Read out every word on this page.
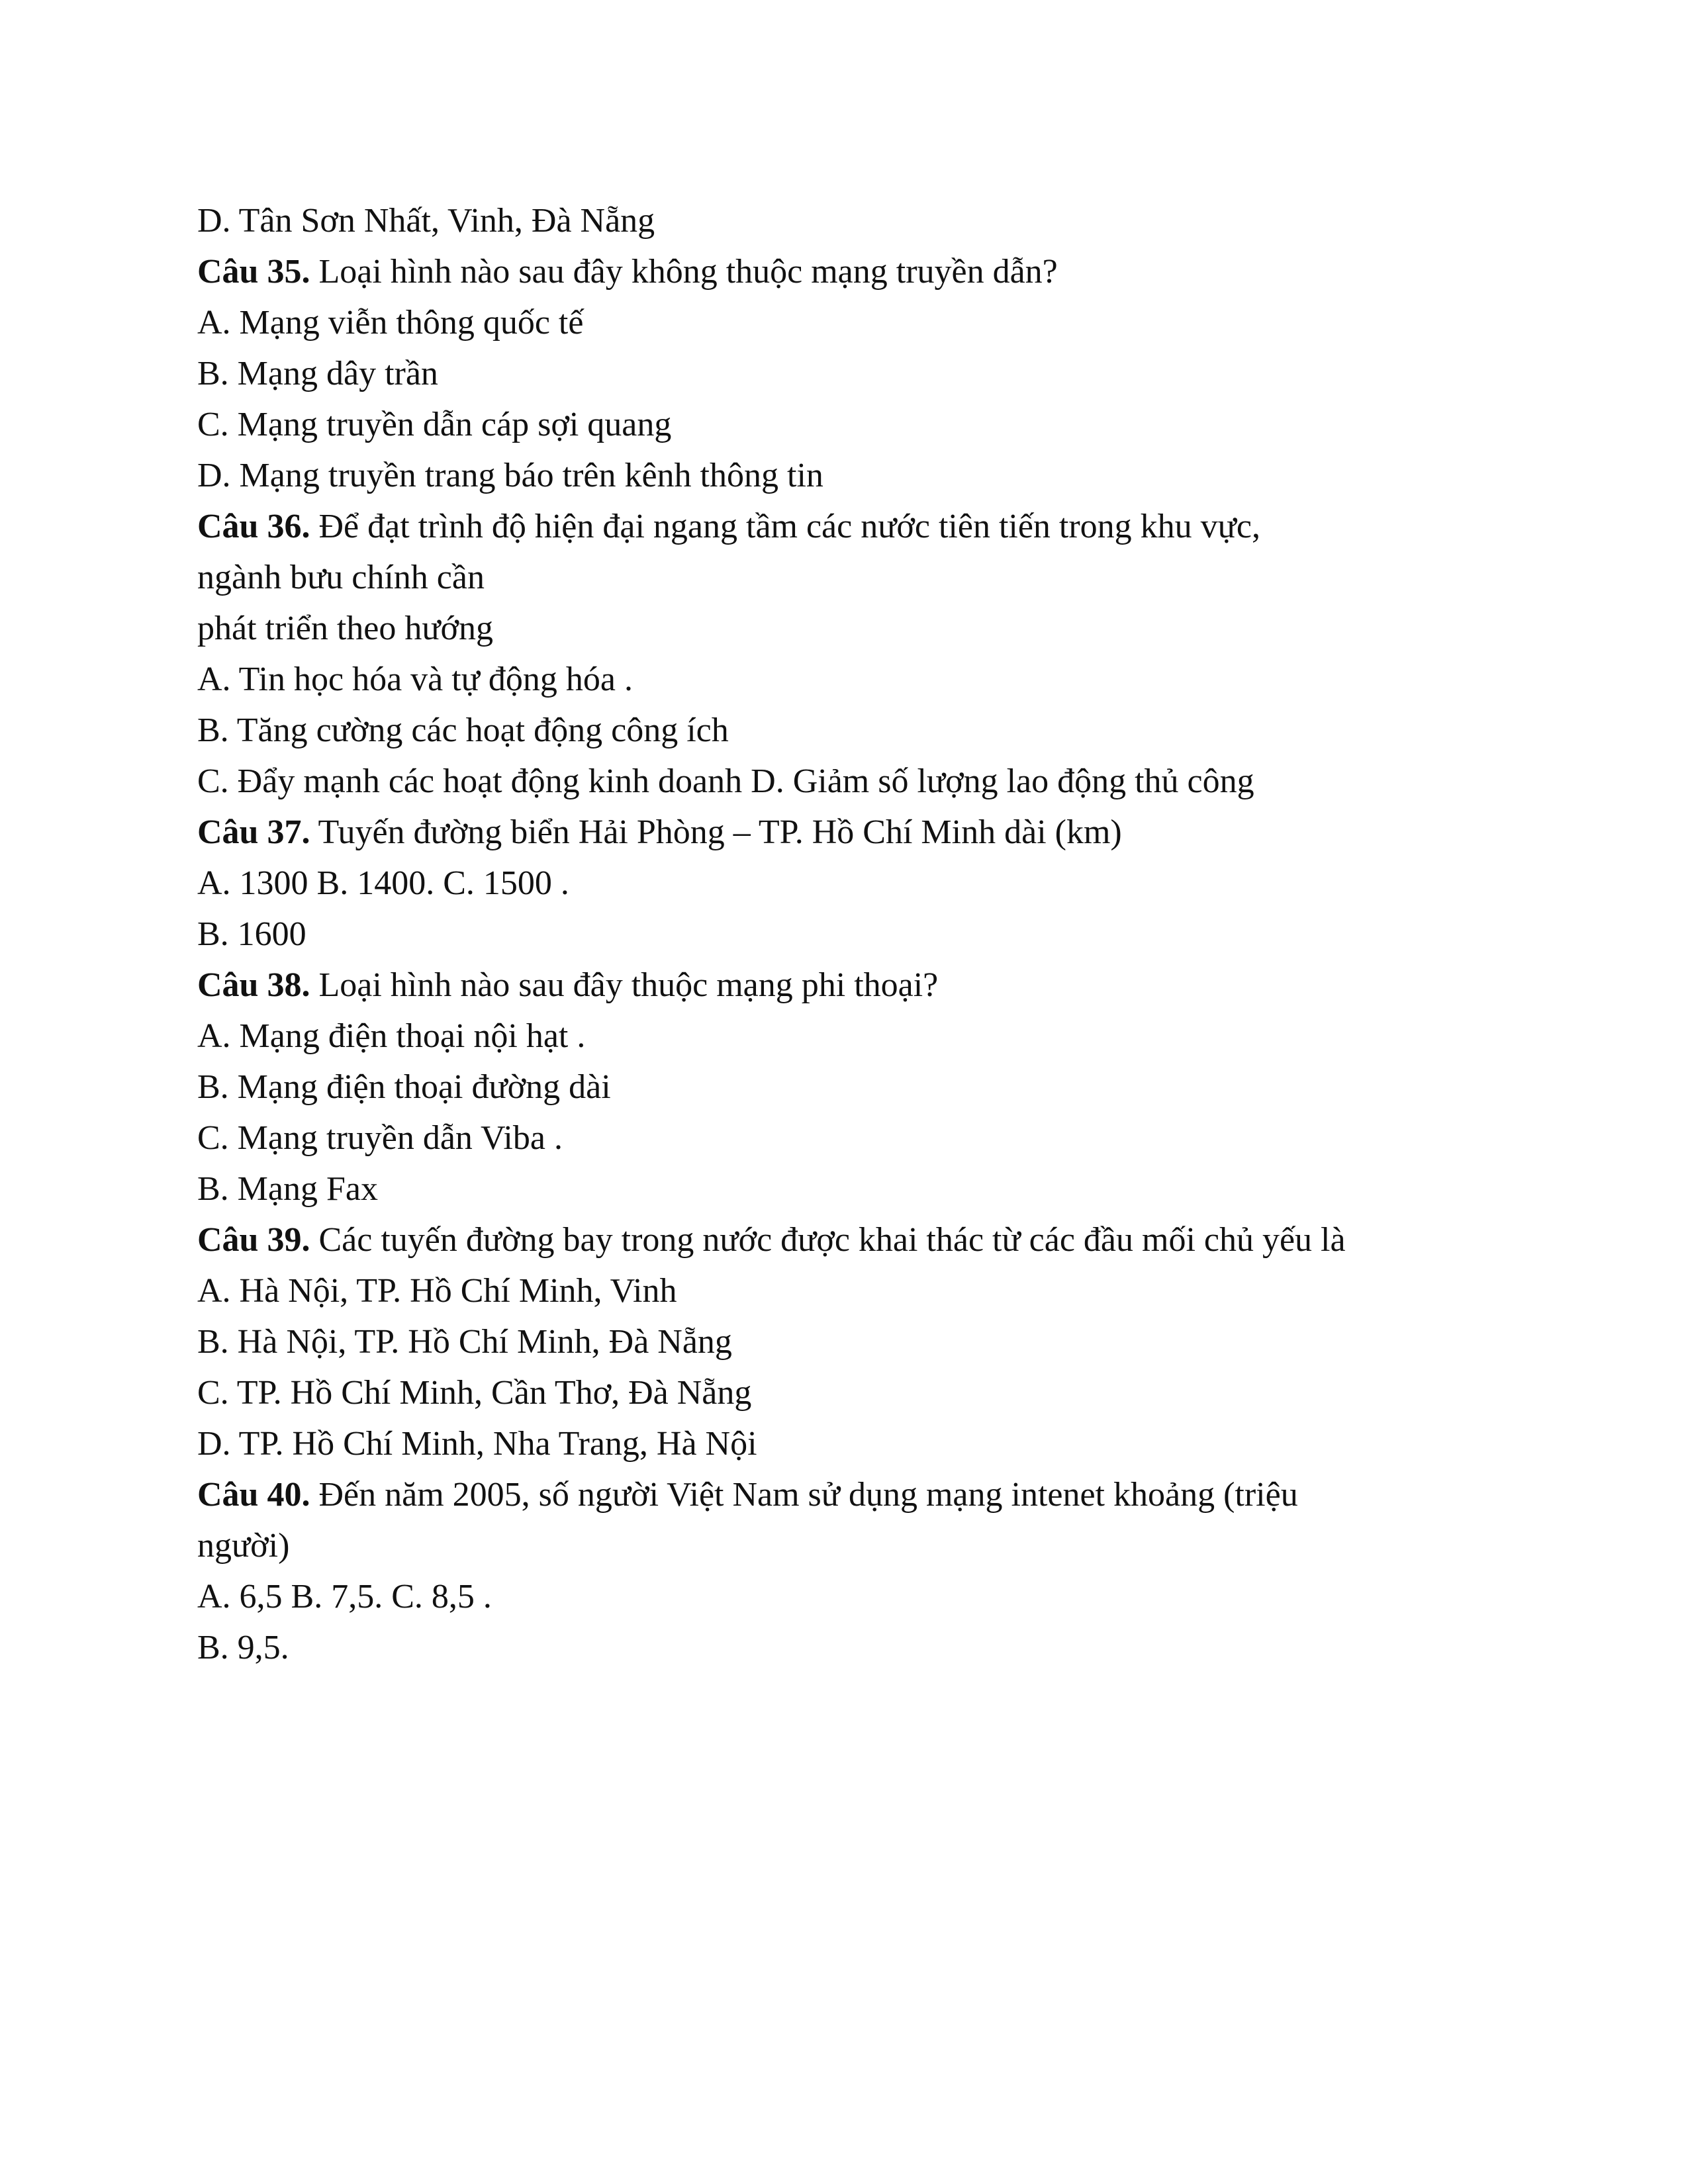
D. Tân Sơn Nhất, Vinh, Đà Nẵng
Câu 35. Loại hình nào sau đây không thuộc mạng truyền dẫn?
A. Mạng viễn thông quốc tế
B. Mạng dây trần
C. Mạng truyền dẫn cáp sợi quang
D. Mạng truyền trang báo trên kênh thông tin
Câu 36. Để đạt trình độ hiện đại ngang tầm các nước tiên tiến trong khu vực,
ngành bưu chính cần
phát triển theo hướng
A. Tin học hóa và tự động hóa .
B. Tăng cường các hoạt động công ích
C. Đẩy mạnh các hoạt động kinh doanh D. Giảm số lượng lao động thủ công
Câu 37. Tuyến đường biển Hải Phòng – TP. Hồ Chí Minh dài (km)
A. 1300 B. 1400. C. 1500 .
B. 1600
Câu 38. Loại hình nào sau đây thuộc mạng phi thoại?
A. Mạng điện thoại nội hạt .
B. Mạng điện thoại đường dài
C. Mạng truyền dẫn Viba .
B. Mạng Fax
Câu 39. Các tuyến đường bay trong nước được khai thác từ các đầu mối chủ yếu là
A. Hà Nội, TP. Hồ Chí Minh, Vinh
B. Hà Nội, TP. Hồ Chí Minh, Đà Nẵng
C. TP. Hồ Chí Minh, Cần Thơ, Đà Nẵng
D. TP. Hồ Chí Minh, Nha Trang, Hà Nội
Câu 40. Đến năm 2005, số người Việt Nam sử dụng mạng intenet khoảng (triệu
người)
A. 6,5 B. 7,5. C. 8,5 .
B. 9,5.
